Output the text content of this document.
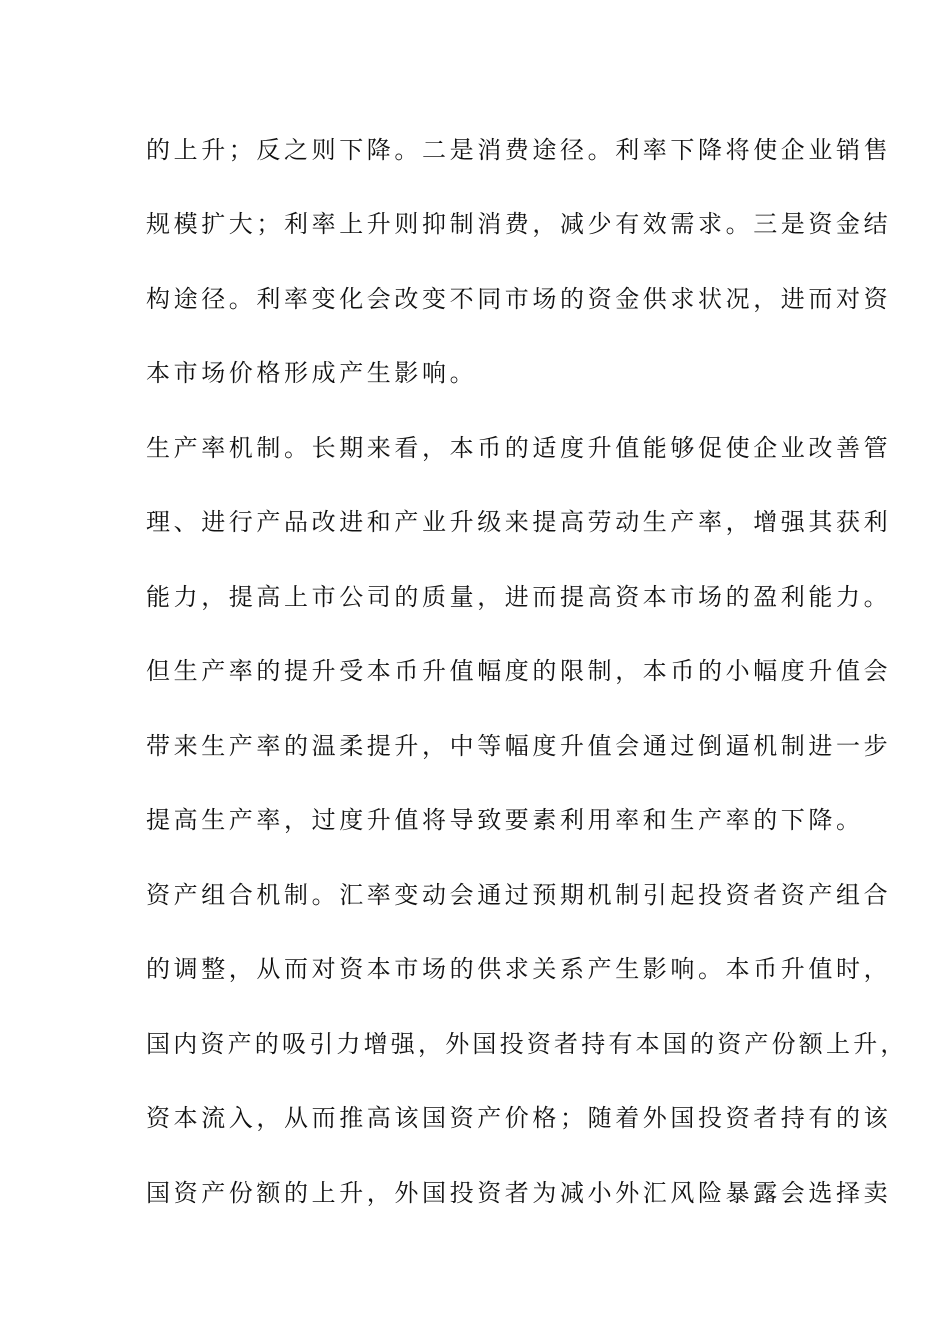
的上升；反之则下降。二是消费途径。利率下降将使企业销售
规模扩大；利率上升则抑制消费，减少有效需求。三是资金结
构途径。利率变化会改变不同市场的资金供求状况，进而对资
本市场价格形成产生影响。
生产率机制。长期来看，本币的适度升值能够促使企业改善管
理、进行产品改进和产业升级来提高劳动生产率，增强其获利
能力，提高上市公司的质量，进而提高资本市场的盈利能力。
但生产率的提升受本币升值幅度的限制，本币的小幅度升值会
带来生产率的温柔提升，中等幅度升值会通过倒逼机制进一步
提高生产率，过度升值将导致要素利用率和生产率的下降。
资产组合机制。汇率变动会通过预期机制引起投资者资产组合
的调整，从而对资本市场的供求关系产生影响。本币升值时，
国内资产的吸引力增强，外国投资者持有本国的资产份额上升，
资本流入，从而推高该国资产价格；随着外国投资者持有的该
国资产份额的上升，外国投资者为减小外汇风险暴露会选择卖
